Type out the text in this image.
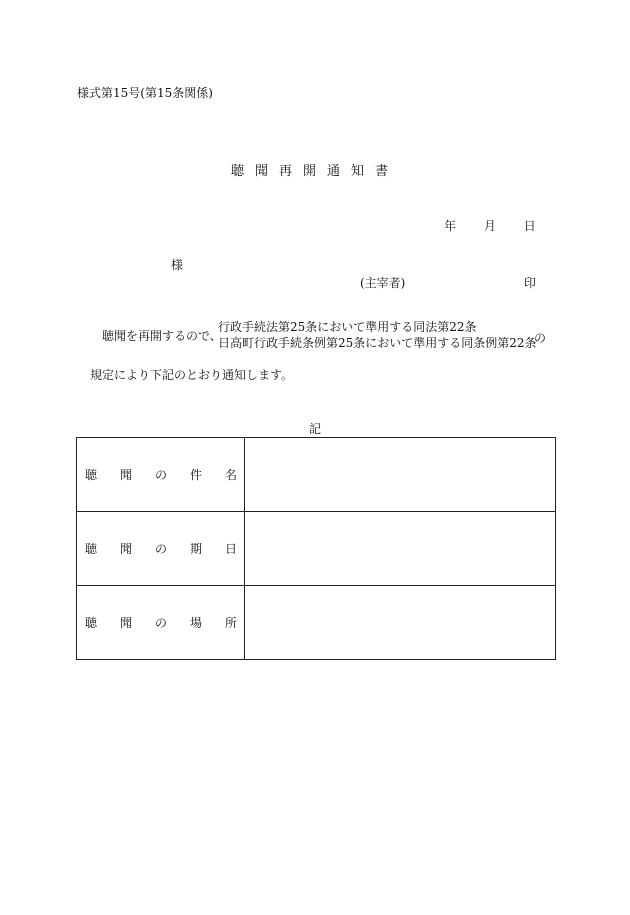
様式第15号(第15条関係)
聴聞再開通知書
年 月 日
様
(主宰者)	印
聴聞を再開するので、
行政手続法第25条において準用する同法第22条
日高町行政手続条例第25条において準用する同条例第22条
の
規定により下記のとおり通知します。
記
聴 聞 の 件 名	

聴 聞 の 期 日	

聴 聞 の 場 所	
